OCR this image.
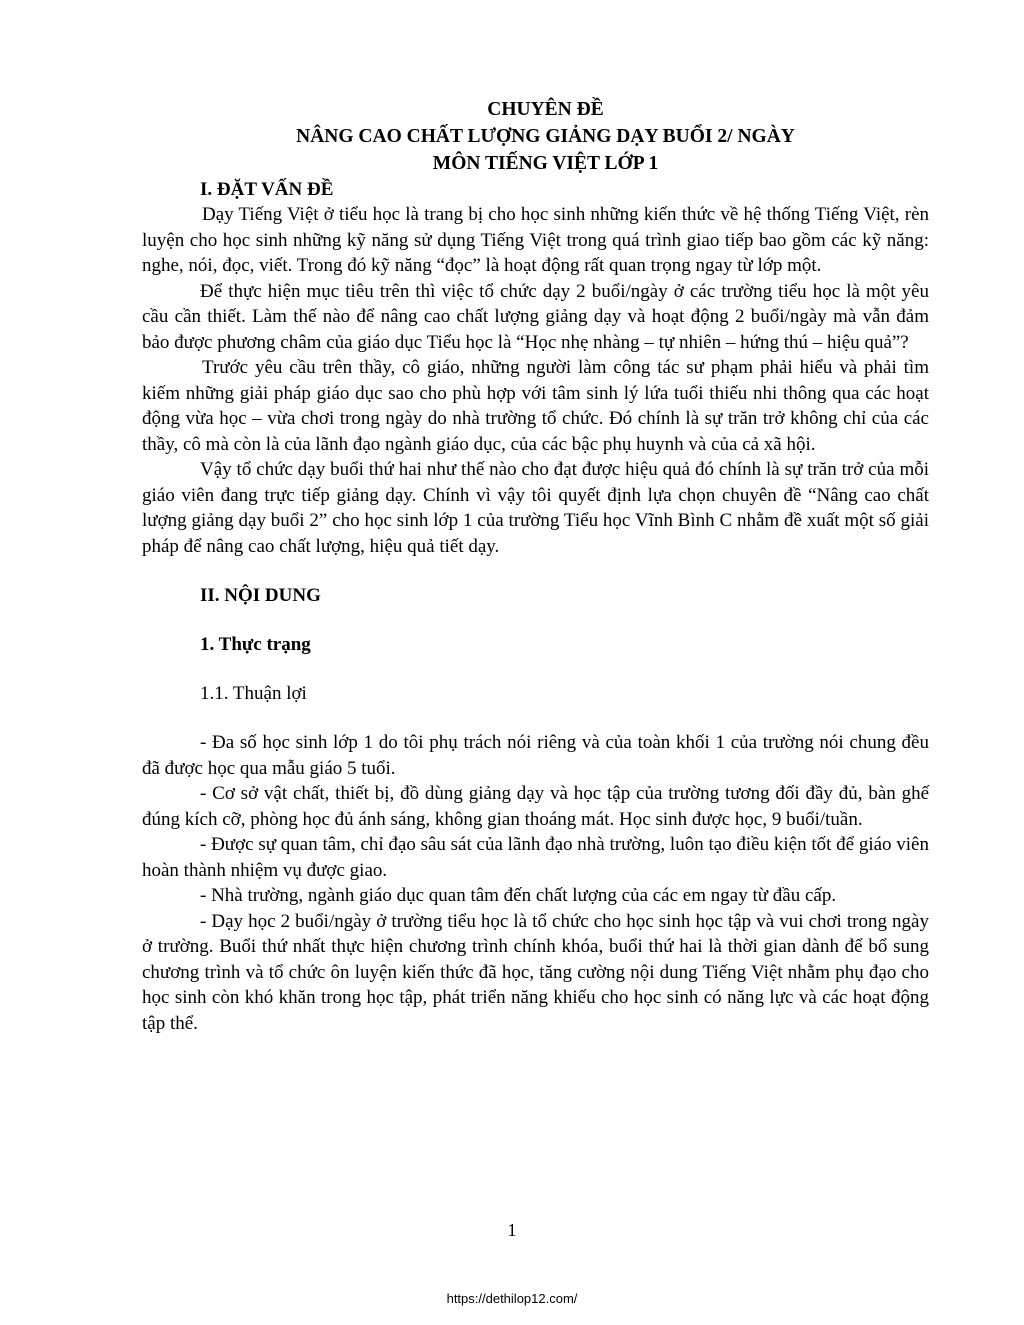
CHUYÊN ĐỀ
NÂNG CAO CHẤT LƯỢNG GIẢNG DẠY BUỔI 2/ NGÀY
MÔN TIẾNG VIỆT LỚP 1
I. ĐẶT VẤN ĐỀ

Dạy Tiếng Việt ở tiểu học là trang bị cho học sinh những kiến thức về hệ thống Tiếng Việt, rèn luyện cho học sinh những kỹ năng sử dụng Tiếng Việt trong quá trình giao tiếp bao gồm các kỹ năng: nghe, nói, đọc, viết. Trong đó kỹ năng “đọc” là hoạt động rất quan trọng ngay từ lớp một.

Để thực hiện mục tiêu trên thì việc tổ chức dạy 2 buổi/ngày ở các trường tiểu học là một yêu cầu cần thiết. Làm thế nào để nâng cao chất lượng giảng dạy và hoạt động 2 buổi/ngày mà vẫn đảm bảo được phương châm của giáo dục Tiểu học là “Học nhẹ nhàng – tự nhiên – hứng thú – hiệu quả”?

Trước yêu cầu trên thầy, cô giáo, những người làm công tác sư phạm phải hiểu và phải tìm kiếm những giải pháp giáo dục sao cho phù hợp với tâm sinh lý lứa tuổi thiếu nhi thông qua các hoạt động vừa học – vừa chơi trong ngày do nhà trường tổ chức. Đó chính là sự trăn trở không chỉ của các thầy, cô mà còn là của lãnh đạo ngành giáo dục, của các bậc phụ huynh và của cả xã hội.

Vậy tổ chức dạy buổi thứ hai như thế nào cho đạt được hiệu quả đó chính là sự trăn trở của mỗi giáo viên đang trực tiếp giảng dạy. Chính vì vậy tôi quyết định lựa chọn chuyên đề “Nâng cao chất lượng giảng dạy buổi 2” cho học sinh lớp 1 của trường Tiểu học Vĩnh Bình C nhằm đề xuất một số giải pháp để nâng cao chất lượng, hiệu quả tiết dạy.

II. NỘI DUNG
1. Thực trạng
1.1. Thuận lợi

- Đa số học sinh lớp 1 do tôi phụ trách nói riêng và của toàn khối 1 của trường nói chung đều đã được học qua mẫu giáo 5 tuổi.

- Cơ sở vật chất, thiết bị, đồ dùng giảng dạy và học tập của trường tương đối đầy đủ, bàn ghế đúng kích cỡ, phòng học đủ ánh sáng, không gian thoáng mát. Học sinh được học, 9 buổi/tuần.

- Được sự quan tâm, chỉ đạo sâu sát của lãnh đạo nhà trường, luôn tạo điều kiện tốt để giáo viên hoàn thành nhiệm vụ được giao.

- Nhà trường, ngành giáo dục quan tâm đến chất lượng của các em ngay từ đầu cấp.

- Dạy học 2 buổi/ngày ở trường tiểu học là tổ chức cho học sinh học tập và vui chơi trong ngày ở trường. Buổi thứ nhất thực hiện chương trình chính khóa, buổi thứ hai là thời gian dành để bổ sung chương trình và tổ chức ôn luyện kiến thức đã học, tăng cường nội dung Tiếng Việt nhằm phụ đạo cho học sinh còn khó khăn trong học tập, phát triển năng khiếu cho học sinh có năng lực và các hoạt động tập thể.

1
https://dethilop12.com/
